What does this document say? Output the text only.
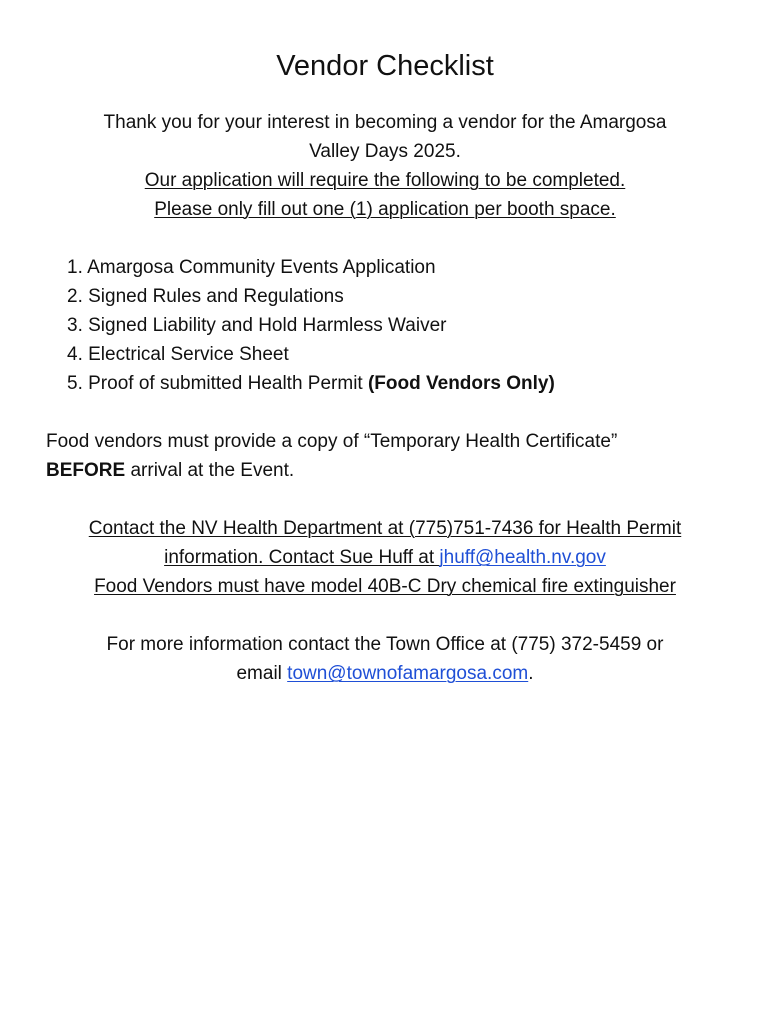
Vendor Checklist
Thank you for your interest in becoming a vendor for the Amargosa
Valley Days 2025.
Our application will require the following to be completed.
Please only fill out one (1) application per booth space.
1. Amargosa Community Events Application
2. Signed Rules and Regulations
3. Signed Liability and Hold Harmless Waiver
4. Electrical Service Sheet
5. Proof of submitted Health Permit (Food Vendors Only)
Food vendors must provide a copy of “Temporary Health Certificate”
BEFORE arrival at the Event.
Contact the NV Health Department at (775)751-7436 for Health Permit
information. Contact Sue Huff at jhuff@health.nv.gov
Food Vendors must have model 40B-C Dry chemical fire extinguisher
For more information contact the Town Office at (775) 372-5459 or
email town@townofamargosa.com.
